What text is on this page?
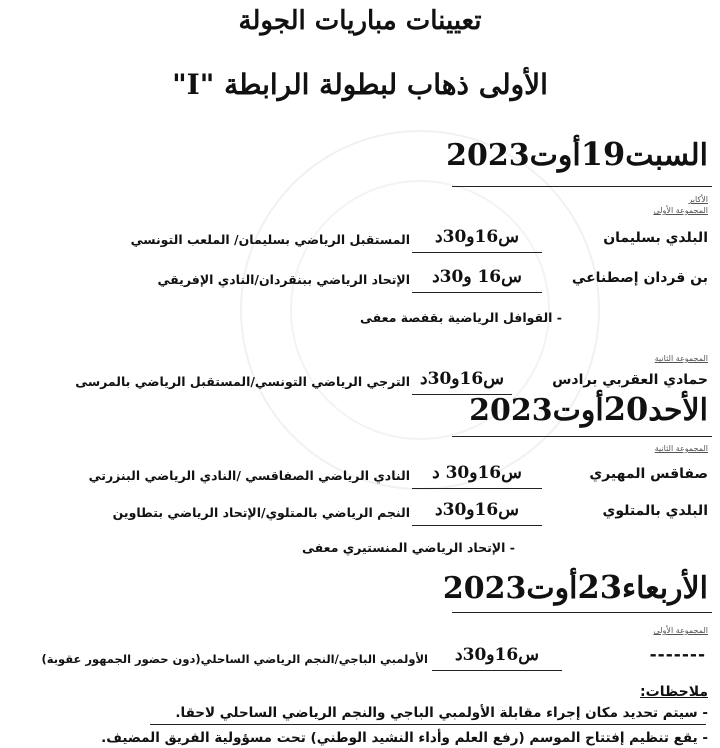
تعيينات مباريات الجولة
الأولى ذهاب لبطولة الرابطة "I"
السبت19أوت2023
الأكابر
المجموعة الأولى
البلدي بسليمان
س16و30د
المستقبل الرياضي بسليمان/ الملعب التونسي
بن قردان إصطناعي
س16 و30د
الإتحاد الرياضي ببنقردان/النادي الإفريقي
- القوافل الرياضية بقفصة معفى
المجموعة الثانية
حمادي العقربي برادس
س16و30د
الترجي الرياضي التونسي/المستقبل الرياضي بالمرسى
الأحد20أوت2023
المجموعة الثانية
صفاقس المهيري
س16و30 د
النادي الرياضي الصفاقسي /النادي الرياضي البنزرتي
البلدي بالمتلوي
س16و30د
النجم الرياضي بالمتلوي/الإتحاد الرياضي بتطاوين
- الإتحاد الرياضي المنستيري معفى
الأربعاء23أوت2023
المجموعة الأولى
-------
س16و30د
الأولمبي الباجي/النجم الرياضي الساحلي(دون حضور الجمهور عقوبة)
ملاحظات:
- سيتم تحديد مكان إجراء مقابلة الأولمبي الباجي والنجم الرياضي الساحلي لاحقا.
- يقع تنظيم إفتتاح الموسم (رفع العلم وأداء النشيد الوطني) تحت مسؤولية الفريق المضيف.
